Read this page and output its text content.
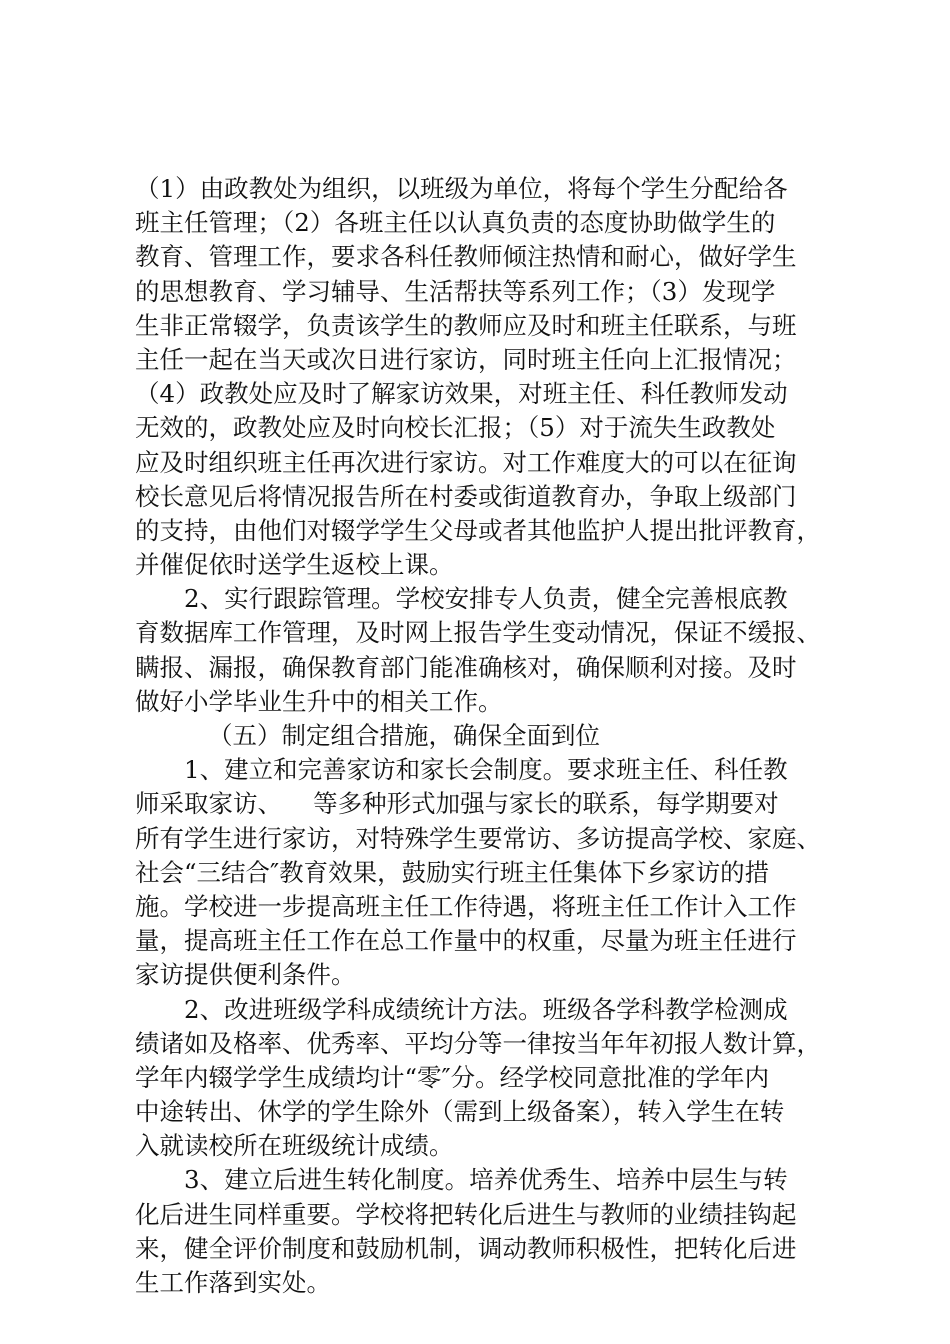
（1）由政教处为组织，以班级为单位，将每个学生分配给各
班主任管理；（2）各班主任以认真负责的态度协助做学生的
教育、管理工作，要求各科任教师倾注热情和耐心，做好学生
的思想教育、学习辅导、生活帮扶等系列工作；（3）发现学
生非正常辍学，负责该学生的教师应及时和班主任联系，与班
主任一起在当天或次日进行家访，同时班主任向上汇报情况；
（4）政教处应及时了解家访效果，对班主任、科任教师发动
无效的，政教处应及时向校长汇报；（5）对于流失生政教处
应及时组织班主任再次进行家访。对工作难度大的可以在征询
校长意见后将情况报告所在村委或街道教育办，争取上级部门
的支持，由他们对辍学学生父母或者其他监护人提出批评教育，
并催促依时送学生返校上课。
2、实行跟踪管理。学校安排专人负责，健全完善根底教
育数据库工作管理，及时网上报告学生变动情况，保证不缓报、
瞒报、漏报，确保教育部门能准确核对，确保顺利对接。及时
做好小学毕业生升中的相关工作。
（五）制定组合措施，确保全面到位
1、建立和完善家访和家长会制度。要求班主任、科任教
师采取家访、    等多种形式加强与家长的联系，每学期要对
所有学生进行家访，对特殊学生要常访、多访提高学校、家庭、
社会“三结合″教育效果，鼓励实行班主任集体下乡家访的措
施。学校进一步提高班主任工作待遇，将班主任工作计入工作
量，提高班主任工作在总工作量中的权重，尽量为班主任进行
家访提供便利条件。
2、改进班级学科成绩统计方法。班级各学科教学检测成
绩诸如及格率、优秀率、平均分等一律按当年年初报人数计算，
学年内辍学学生成绩均计“零″分。经学校同意批准的学年内
中途转出、休学的学生除外（需到上级备案），转入学生在转
入就读校所在班级统计成绩。
3、建立后进生转化制度。培养优秀生、培养中层生与转
化后进生同样重要。学校将把转化后进生与教师的业绩挂钩起
来，健全评价制度和鼓励机制，调动教师积极性，把转化后进
生工作落到实处。
